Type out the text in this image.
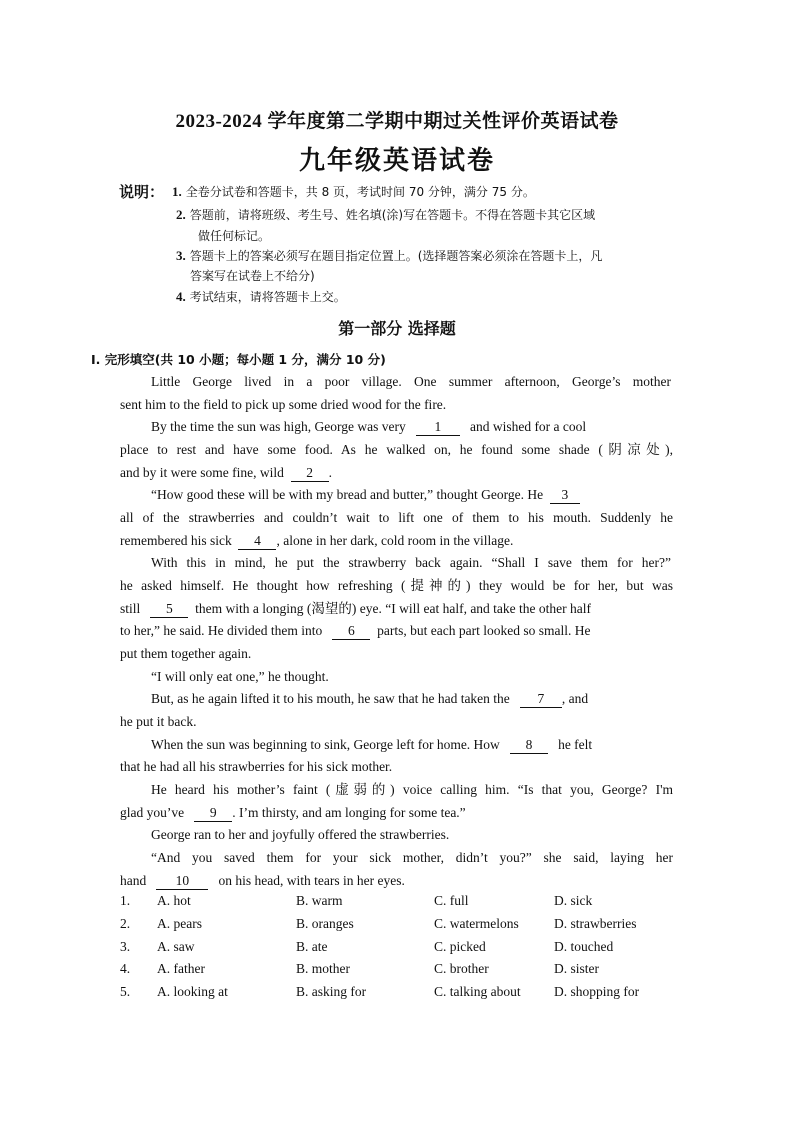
2023-2024 学年度第二学期中期过关性评价英语试卷
九年级英语试卷
说明： 1. 全卷分试卷和答题卡，共 8 页，考试时间 70 分钟，满分 75 分。
2. 答题前，请将班级、考生号、姓名填(涂)写在答题卡。不得在答题卡其它区域
做任何标记。
3. 答题卡上的答案必须写在题目指定位置上。(选择题答案必须涂在答题卡上，凡
答案写在试卷上不给分)
4. 考试结束，请将答题卡上交。
第一部分 选择题
I. 完形填空(共 10 小题；每小题 1 分，满分 10 分)
Little George lived in a poor village. One summer afternoon, George’s mother
sent him to the field to pick up some dried wood for the fire.
By the time the sun was high, George was very 1 and wished for a cool
place to rest and have some food. As he walked on, he found some shade (阴凉处),
and by it were some fine, wild 2 .
“How good these will be with my bread and butter,” thought George. He 3
all of the strawberries and couldn’t wait to lift one of them to his mouth. Suddenly he
remembered his sick 4 , alone in her dark, cold room in the village.
With this in mind, he put the strawberry back again. “Shall I save them for her?”
he asked himself. He thought how refreshing (提神的) they would be for her, but was
still 5 them with a longing (渴望的) eye. “I will eat half, and take the other half
to her,” he said. He divided them into 6 parts, but each part looked so small. He
put them together again.
“I will only eat one,” he thought.
But, as he again lifted it to his mouth, he saw that he had taken the 7 , and
he put it back.
When the sun was beginning to sink, George left for home. How 8 he felt
that he had all his strawberries for his sick mother.
He heard his mother’s faint (虚弱的) voice calling him. “Is that you, George? I'm
glad you’ve 9 . I’m thirsty, and am longing for some tea.”
George ran to her and joyfully offered the strawberries.
“And you saved them for your sick mother, didn’t you?” she said, laying her
hand 10 on his head, with tears in her eyes.
1. A. hot	B. warm	C. full	D. sick
2. A. pears	B. oranges	C. watermelons	D. strawberries
3. A. saw	B. ate	C. picked	D. touched
4. A. father	B. mother	C. brother	D. sister
5. A. looking at	B. asking for	C. talking about D. shopping for
